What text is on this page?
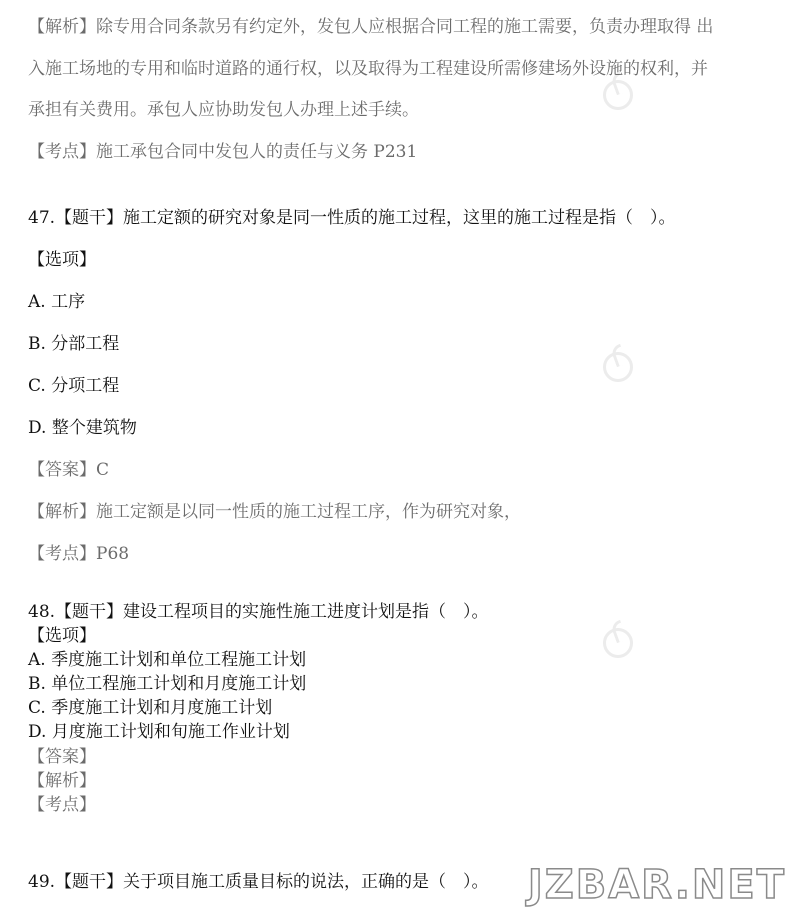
【解析】除专用合同条款另有约定外，发包人应根据合同工程的施工需要，负责办理取得 出
入施工场地的专用和临时道路的通行权，以及取得为工程建设所需修建场外设施的权利，并
承担有关费用。承包人应协助发包人办理上述手续。
【考点】施工承包合同中发包人的责任与义务 P231
47.【题干】施工定额的研究对象是同一性质的施工过程，这里的施工过程是指（　）。
【选项】
A. 工序
B. 分部工程
C. 分项工程
D. 整个建筑物
【答案】C
【解析】施工定额是以同一性质的施工过程工序，作为研究对象，
【考点】P68
48.【题干】建设工程项目的实施性施工进度计划是指（　）。
【选项】
A. 季度施工计划和单位工程施工计划
B. 单位工程施工计划和月度施工计划
C. 季度施工计划和月度施工计划
D. 月度施工计划和旬施工作业计划
【答案】
【解析】
【考点】
49.【题干】关于项目施工质量目标的说法，正确的是（　）。 JZBAR.NET
